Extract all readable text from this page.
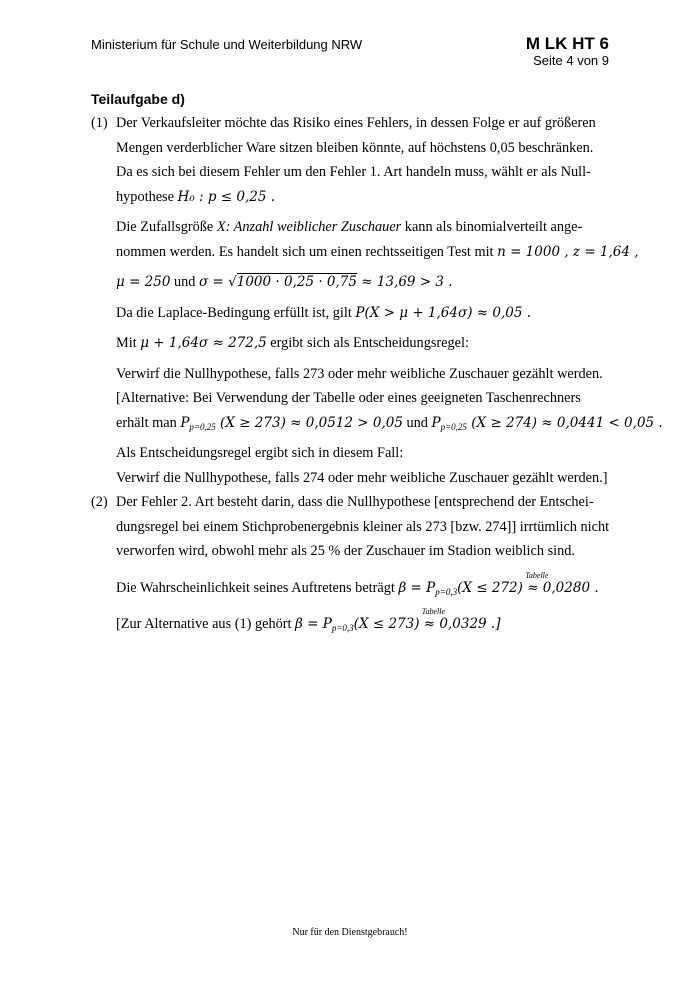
Ministerium für Schule und Weiterbildung NRW	M LK HT 6
Seite 4 von 9
Teilaufgabe d)
(1) Der Verkaufsleiter möchte das Risiko eines Fehlers, in dessen Folge er auf größeren

Mengen verderblicher Ware sitzen bleiben könnte, auf höchstens 0,05 beschränken.

Da es sich bei diesem Fehler um den Fehler 1. Art handeln muss, wählt er als Null-

hypothese H₀ : p ≤ 0,25 .

Die Zufallsgröße X: Anzahl weiblicher Zuschauer kann als binomialverteilt ange-

nommen werden. Es handelt sich um einen rechtsseitigen Test mit n = 1000 , z = 1,64 ,

μ = 250 und σ = √1000 · 0,25 · 0,75 ≈ 13,69 > 3 .

Da die Laplace-Bedingung erfüllt ist, gilt P(X > μ + 1,64σ) ≈ 0,05 .

Mit μ + 1,64σ ≈ 272,5 ergibt sich als Entscheidungsregel:

Verwirf die Nullhypothese, falls 273 oder mehr weibliche Zuschauer gezählt werden.

[Alternative: Bei Verwendung der Tabelle oder eines geeigneten Taschenrechners

erhält man $P_{p=0,25}$ (X ≥ 273) ≈ 0,0512 > 0,05 und $P_{p=0,25}$ (X ≥ 274) ≈ 0,0441 < 0,05 .

Als Entscheidungsregel ergibt sich in diesem Fall:

Verwirf die Nullhypothese, falls 274 oder mehr weibliche Zuschauer gezählt werden.]

(2) Der Fehler 2. Art besteht darin, dass die Nullhypothese [entsprechend der Entschei-

dungsregel bei einem Stichprobenergebnis kleiner als 273 [bzw. 274]] irrtümlich nicht

verworfen wird, obwohl mehr als 25 % der Zuschauer im Stadion weiblich sind.

Die Wahrscheinlichkeit seines Auftretens beträgt $\beta = P_{p=0,3}(X \le 272)$
Tabelle
≈ 0,0280 .

[Zur Alternative aus (1) gehört $\beta = P_{p=0,3}(X \le 273)$
Tabelle
≈ 0,0329 .]

Nur für den Dienstgebrauch!
